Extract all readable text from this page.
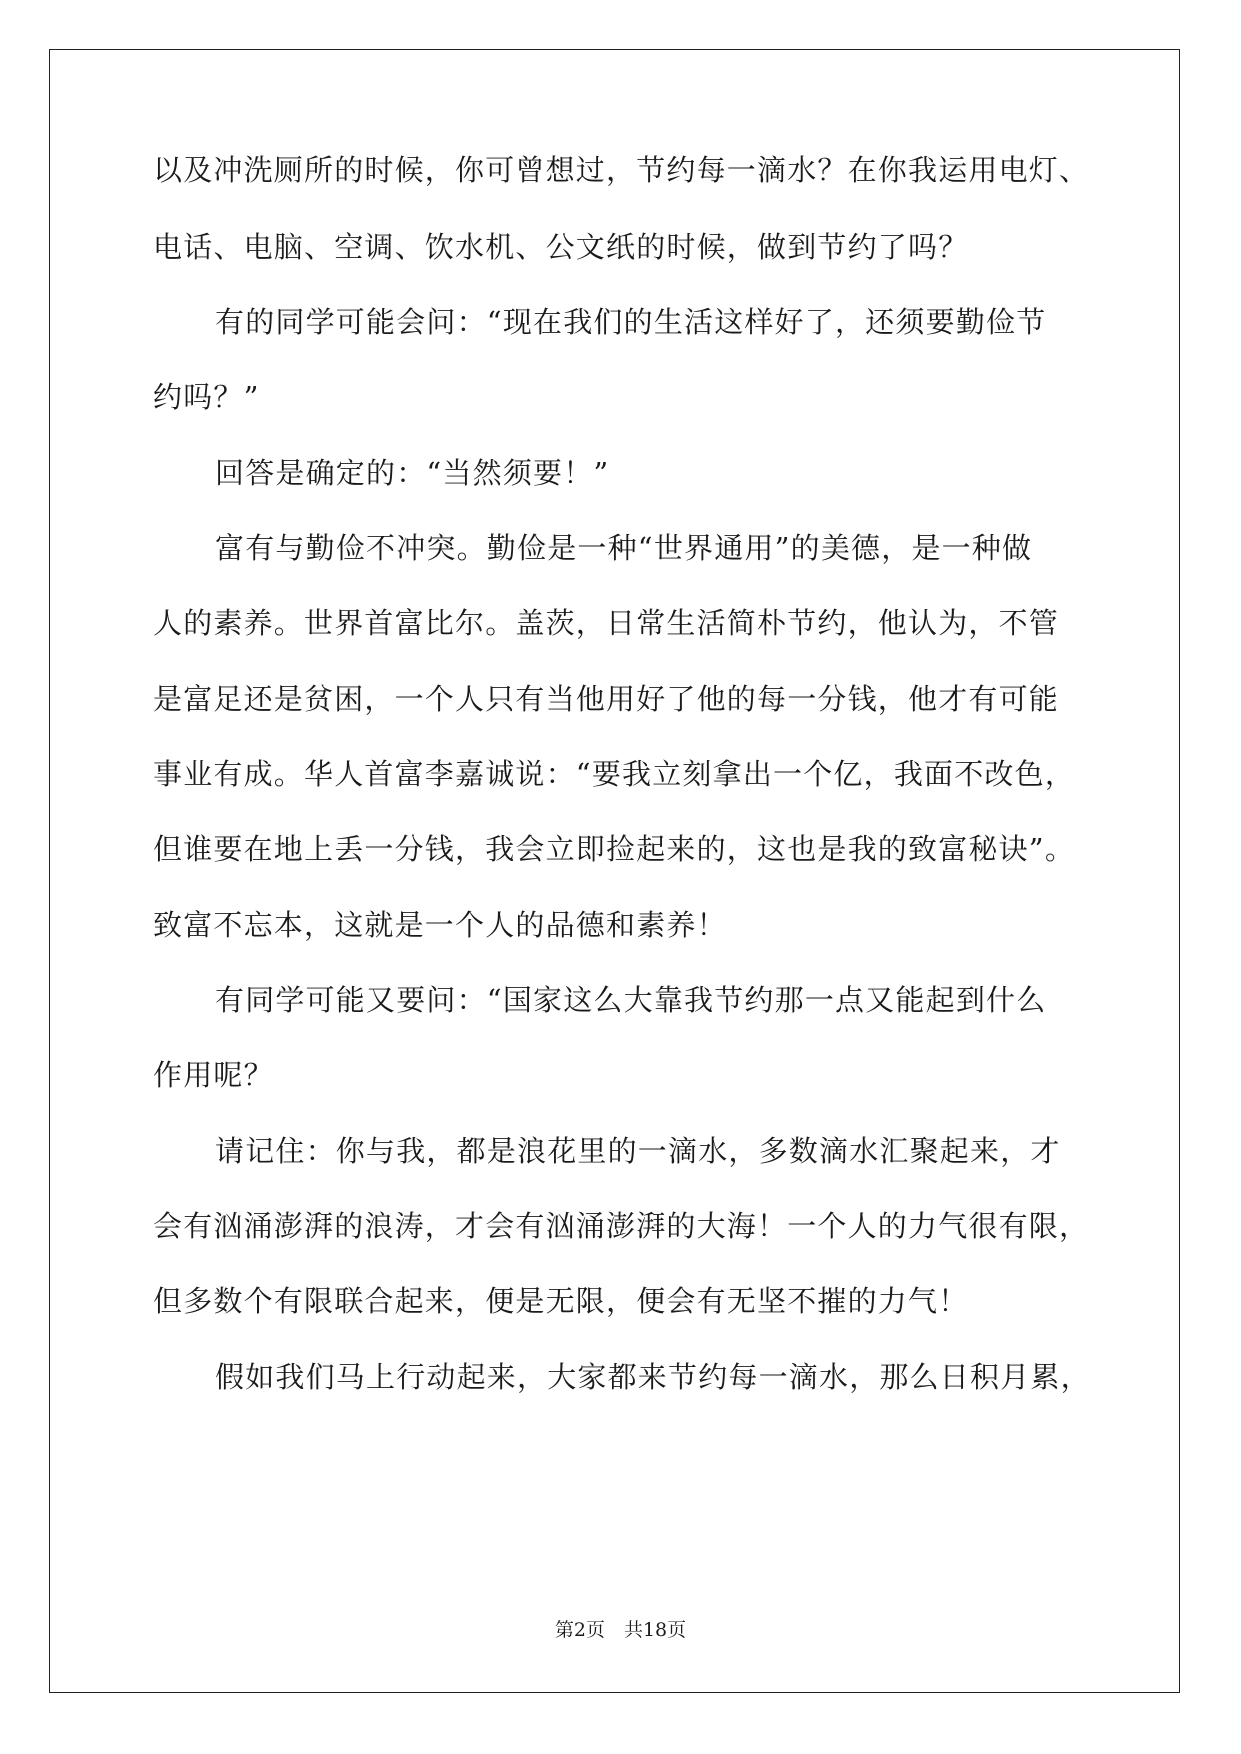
以及冲洗厕所的时候，你可曾想过，节约每一滴水？在你我运用电灯、

电话、电脑、空调、饮水机、公文纸的时候，做到节约了吗？

有的同学可能会问：“现在我们的生活这样好了，还须要勤俭节

约吗？”

回答是确定的：“当然须要！”

富有与勤俭不冲突。勤俭是一种“世界通用”的美德，是一种做

人的素养。世界首富比尔。盖茨，日常生活简朴节约，他认为，不管

是富足还是贫困，一个人只有当他用好了他的每一分钱，他才有可能

事业有成。华人首富李嘉诚说：“要我立刻拿出一个亿，我面不改色，

但谁要在地上丢一分钱，我会立即捡起来的，这也是我的致富秘诀”。

致富不忘本，这就是一个人的品德和素养！

有同学可能又要问：“国家这么大靠我节约那一点又能起到什么

作用呢？

请记住：你与我，都是浪花里的一滴水，多数滴水汇聚起来，才

会有汹涌澎湃的浪涛，才会有汹涌澎湃的大海！一个人的力气很有限，

但多数个有限联合起来，便是无限，便会有无坚不摧的力气！

假如我们马上行动起来，大家都来节约每一滴水，那么日积月累，

第2页　共18页
